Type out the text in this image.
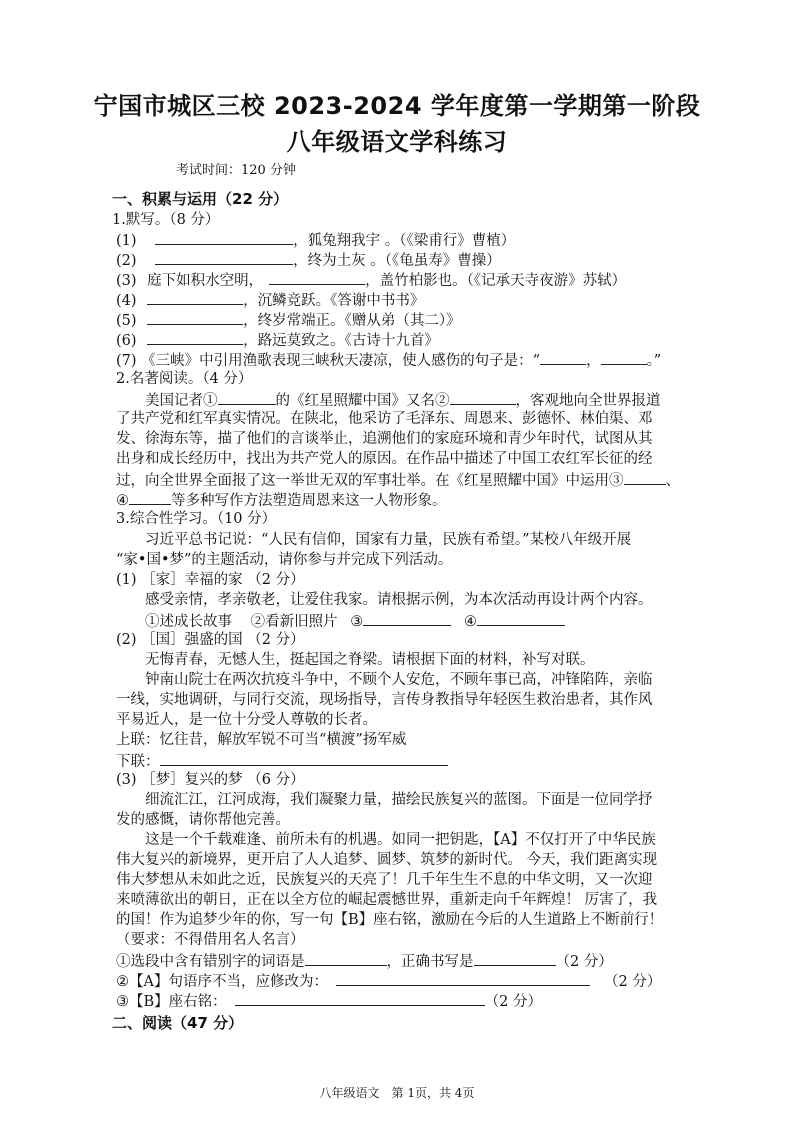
宁国市城区三校 2023-2024 学年度第一学期第一阶段
八年级语文学科练习
考试时间：120 分钟
一、积累与运用（22 分）
1.默写。（8 分）
(1)	，狐兔翔我宇 。（《梁甫行》曹植）
(2)	，终为土灰 。（《龟虽寿》曹操）
(3) 庭下如积水空明，	，盖竹柏影也。（《记承天寺夜游》苏轼）
(4)	，沉鳞竞跃。《答谢中书书》
(5)	，终岁常端正。《赠从弟（其二）》
(6)	，路远莫致之。《古诗十九首》
(7) 《三峡》中引用渔歌表现三峡秋天凄凉，使人感伤的句子是：“	，	。”
2.名著阅读。（4 分）
美国记者①	的《红星照耀中国》又名②	，客观地向全世界报道
了共产党和红军真实情况。在陕北，他采访了毛泽东、周恩来、彭德怀、林伯渠、邓
发、徐海东等，描了他们的言谈举止，追溯他们的家庭环境和青少年时代，试图从其
出身和成长经历中，找出为共产党人的原因。在作品中描述了中国工农红军长征的经
过，向全世界全面报了这一举世无双的军事壮举。在《红星照耀中国》中运用③	、
④	等多种写作方法塑造周恩来这一人物形象。
3.综合性学习。（10 分）
习近平总书记说：“人民有信仰，国家有力量，民族有希望。”某校八年级开展
“家•国•梦”的主题活动，请你参与并完成下列活动。
(1) ［家］幸福的家 （2 分）
感受亲情，孝亲敬老，让爱住我家。请根据示例，为本次活动再设计两个内容。
①述成长故事 ②看新旧照片 ③	④
(2) ［国］强盛的国 （2 分）
无悔青春，无憾人生，挺起国之脊梁。请根据下面的材料，补写对联。
钟南山院士在两次抗疫斗争中，不顾个人安危，不顾年事已高，冲锋陷阵，亲临
一线，实地调研，与同行交流，现场指导，言传身教指导年轻医生救治患者，其作风
平易近人，是一位十分受人尊敬的长者。
上联：忆往昔，解放军锐不可当“横渡”扬军威
下联：
(3) ［梦］复兴的梦 （6 分）
细流汇江，江河成海，我们凝聚力量，描绘民族复兴的蓝图。下面是一位同学抒
发的感慨，请你帮他完善。
这是一个千载难逢、前所未有的机遇。如同一把钥匙，【A】不仅打开了中华民族
伟大复兴的新境界，更开启了人人追梦、圆梦、筑梦的新时代。 今天，我们距离实现
伟大梦想从未如此之近，民族复兴的天亮了！几千年生生不息的中华文明，又一次迎
来喷薄欲出的朝日，正在以全方位的崛起震憾世界，重新走向千年辉煌！ 厉害了，我
的国！作为追梦少年的你，写一句【B】座右铭，激励在今后的人生道路上不断前行！
（要求：不得借用名人名言）
①选段中含有错别字的词语是	，正确书写是	（2 分）
②【A】句语序不当，应修改为：	（2 分）
③【B】座右铭：	（2 分）
二、阅读（47 分）
八年级语文　第 1页，共 4页
